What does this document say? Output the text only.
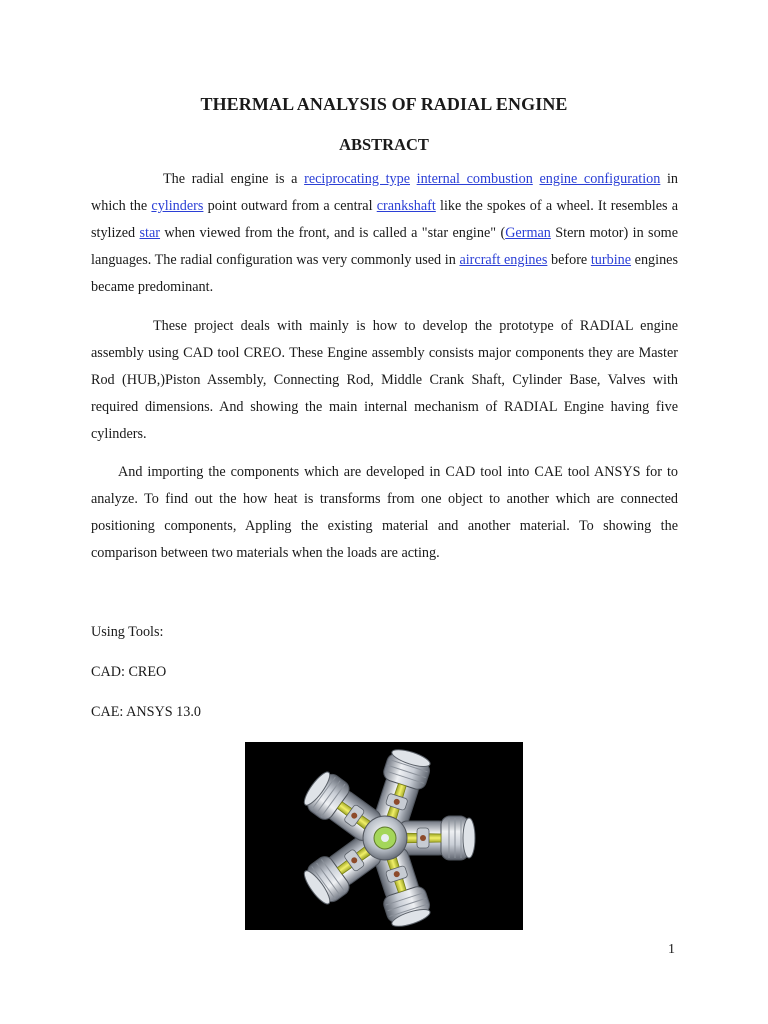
THERMAL ANALYSIS OF RADIAL ENGINE
ABSTRACT

The radial engine is a reciprocating type internal combustion engine configuration in which the cylinders point outward from a central crankshaft like the spokes of a wheel. It resembles a stylized star when viewed from the front, and is called a "star engine" (German Stern motor) in some languages. The radial configuration was very commonly used in aircraft engines before turbine engines became predominant.

These project deals with mainly is how to develop the prototype of RADIAL engine assembly using CAD tool CREO. These Engine assembly consists major components they are Master Rod (HUB,)Piston Assembly, Connecting Rod, Middle Crank Shaft, Cylinder Base, Valves with required dimensions. And showing the main internal mechanism of RADIAL Engine having five cylinders.

And importing the components which are developed in CAD tool into CAE tool ANSYS for to analyze. To find out the how heat is transforms from one object to another which are connected positioning components, Appling the existing material and another material. To showing the comparison between two materials when the loads are acting.

Using Tools:

CAD: CREO

CAE: ANSYS 13.0

1
